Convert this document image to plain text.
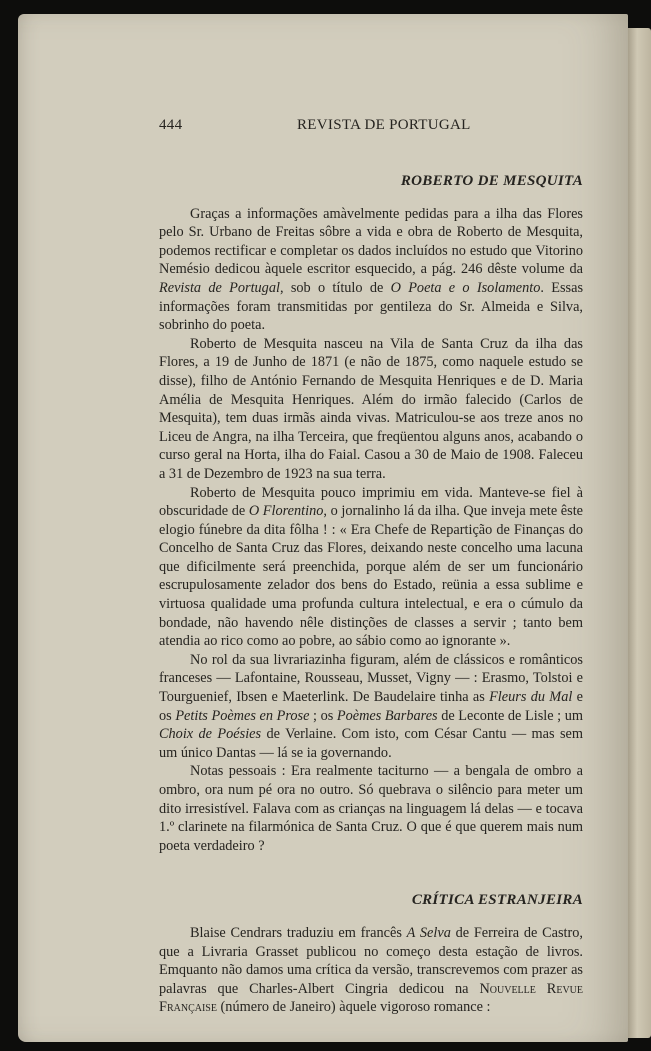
444	REVISTA DE PORTUGAL
ROBERTO DE MESQUITA

Graças a informações amàvelmente pedidas para a ilha das Flores pelo Sr. Urbano de Freitas sôbre a vida e obra de Roberto de Mesquita, podemos rectificar e completar os dados incluídos no estudo que Vitorino Nemésio dedicou àquele escritor esquecido, a pág. 246 dêste volume da Revista de Portugal, sob o título de O Poeta e o Isolamento. Essas informações foram transmitidas por gentileza do Sr. Almeida e Silva, sobrinho do poeta.

Roberto de Mesquita nasceu na Vila de Santa Cruz da ilha das Flores, a 19 de Junho de 1871 (e não de 1875, como naquele estudo se disse), filho de António Fernando de Mesquita Henriques e de D. Maria Amélia de Mesquita Henriques. Além do irmão falecido (Carlos de Mesquita), tem duas irmãs ainda vivas. Matriculou-se aos treze anos no Liceu de Angra, na ilha Terceira, que freqüentou alguns anos, acabando o curso geral na Horta, ilha do Faial. Casou a 30 de Maio de 1908. Faleceu a 31 de Dezembro de 1923 na sua terra.

Roberto de Mesquita pouco imprimiu em vida. Manteve-se fiel à obscuridade de O Florentino, o jornalinho lá da ilha. Que inveja mete êste elogio fúnebre da dita fôlha ! : « Era Chefe de Repartição de Finanças do Concelho de Santa Cruz das Flores, deixando neste concelho uma lacuna que dificilmente será preenchida, porque além de ser um funcionário escrupulosamente zelador dos bens do Estado, reünia a essa sublime e virtuosa qualidade uma profunda cultura intelectual, e era o cúmulo da bondade, não havendo nêle distinções de classes a servir ; tanto bem atendia ao rico como ao pobre, ao sábio como ao ignorante ».

No rol da sua livrariazinha figuram, além de clássicos e românticos franceses — Lafontaine, Rousseau, Musset, Vigny — : Erasmo, Tolstoi e Tourguenief, Ibsen e Maeterlink. De Baudelaire tinha as Fleurs du Mal e os Petits Poèmes en Prose ; os Poèmes Barbares de Leconte de Lisle ; um Choix de Poésies de Verlaine. Com isto, com César Cantu — mas sem um único Dantas — lá se ia governando.

Notas pessoais : Era realmente taciturno — a bengala de ombro a ombro, ora num pé ora no outro. Só quebrava o silêncio para meter um dito irresistível. Falava com as crianças na linguagem lá delas — e tocava 1.º clarinete na filarmónica de Santa Cruz. O que é que querem mais num poeta verdadeiro ?

CRÍTICA ESTRANJEIRA

Blaise Cendrars traduziu em francês A Selva de Ferreira de Castro, que a Livraria Grasset publicou no começo desta estação de livros. Emquanto não damos uma crítica da versão, transcrevemos com prazer as palavras que Charles-Albert Cingria dedicou na Nouvelle Revue Française (número de Janeiro) àquele vigoroso romance :
